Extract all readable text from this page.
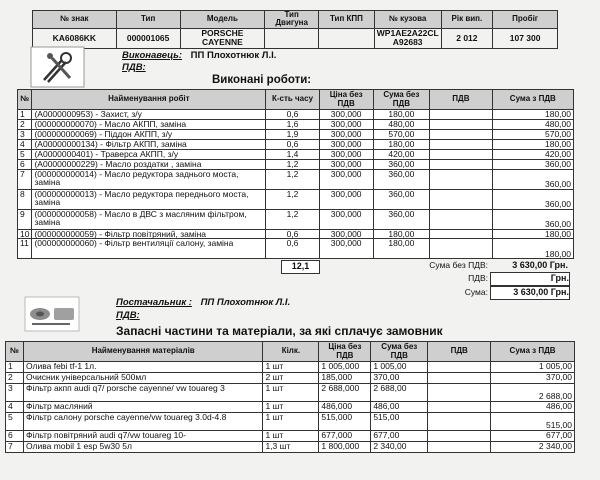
№ знак	Тип	Модель	Тип Двигуна	Тип КПП	№ кузова	Рік вип.	Пробіг
KA6086KK	000001065	PORSCHE CAYENNE			WP1AE2A22CL A92683	2 012	107 300
Виконавець: ПП Плохотнюк Л.І.
ПДВ:
Виконані роботи:
№	Найменування робіт	К-сть часу	Ціна без ПДВ	Сума без ПДВ	ПДВ	Сума з ПДВ
1	(A0000000953) - Захист, з/у	0,6	300,000	180,00		180,00
2	(000000000070) - Масло АКПП, заміна	1,6	300,000	480,00		480,00
3	(000000000069) - Піддон АКПП, з/у	1,9	300,000	570,00		570,00
4	(A00000000134) - Фільтр АКПП, заміна	0,6	300,000	180,00		180,00
5	(A0000000401) - Траверса АКПП, з/у	1,4	300,000	420,00		420,00
6	(A00000000229) - Масло роздатки , заміна	1,2	300,000	360,00		360,00
7	(000000000014) - Масло редуктора заднього моста, заміна	1,2	300,000	360,00		360,00
8	(000000000013) - Масло редуктора переднього моста, заміна	1,2	300,000	360,00		360,00
9	(000000000058) - Масло в ДВС з масляним фільтром, заміна	1,2	300,000	360,00		360,00
10	(000000000059) - Фільтр повітряний, заміна	0,6	300,000	180,00		180,00
11	(000000000060) - Фільтр вентиляції салону, заміна	0,6	300,000	180,00		180,00
12,1	Сума без ПДВ:	3 630,00 Грн.
ПДВ:	Грн.
Сума:	3 630,00 Грн.
Постачальник : ПП Плохотнюк Л.І.
ПДВ:
Запасні частини та матеріали, за які сплачує замовник
№	Найменування матеріалів	Кілк.	Ціна без ПДВ	Сума без ПДВ	ПДВ	Сума з ПДВ
1	Олива febi tf-1 1л.	1 шт	1 005,000	1 005,00		1 005,00
2	Очисник універсальний 500мл	2 шт	185,000	370,00		370,00
3	Фільтр акпп audi q7/ porsche cayenne/ vw touareg 3	1 шт	2 688,000	2 688,00		2 688,00
4	Фільтр масляний	1 шт	486,000	486,00		486,00
5	Фільтр салону porsche cayenne/vw touareg 3.0d-4.8	1 шт	515,000	515,00		515,00
6	Фільтр повітряний audi q7/vw touareg 10-	1 шт	677,000	677,00		677,00
7	Олива mobil 1 esp 5w30 5л	1,3 шт	1 800,000	2 340,00		2 340,00
